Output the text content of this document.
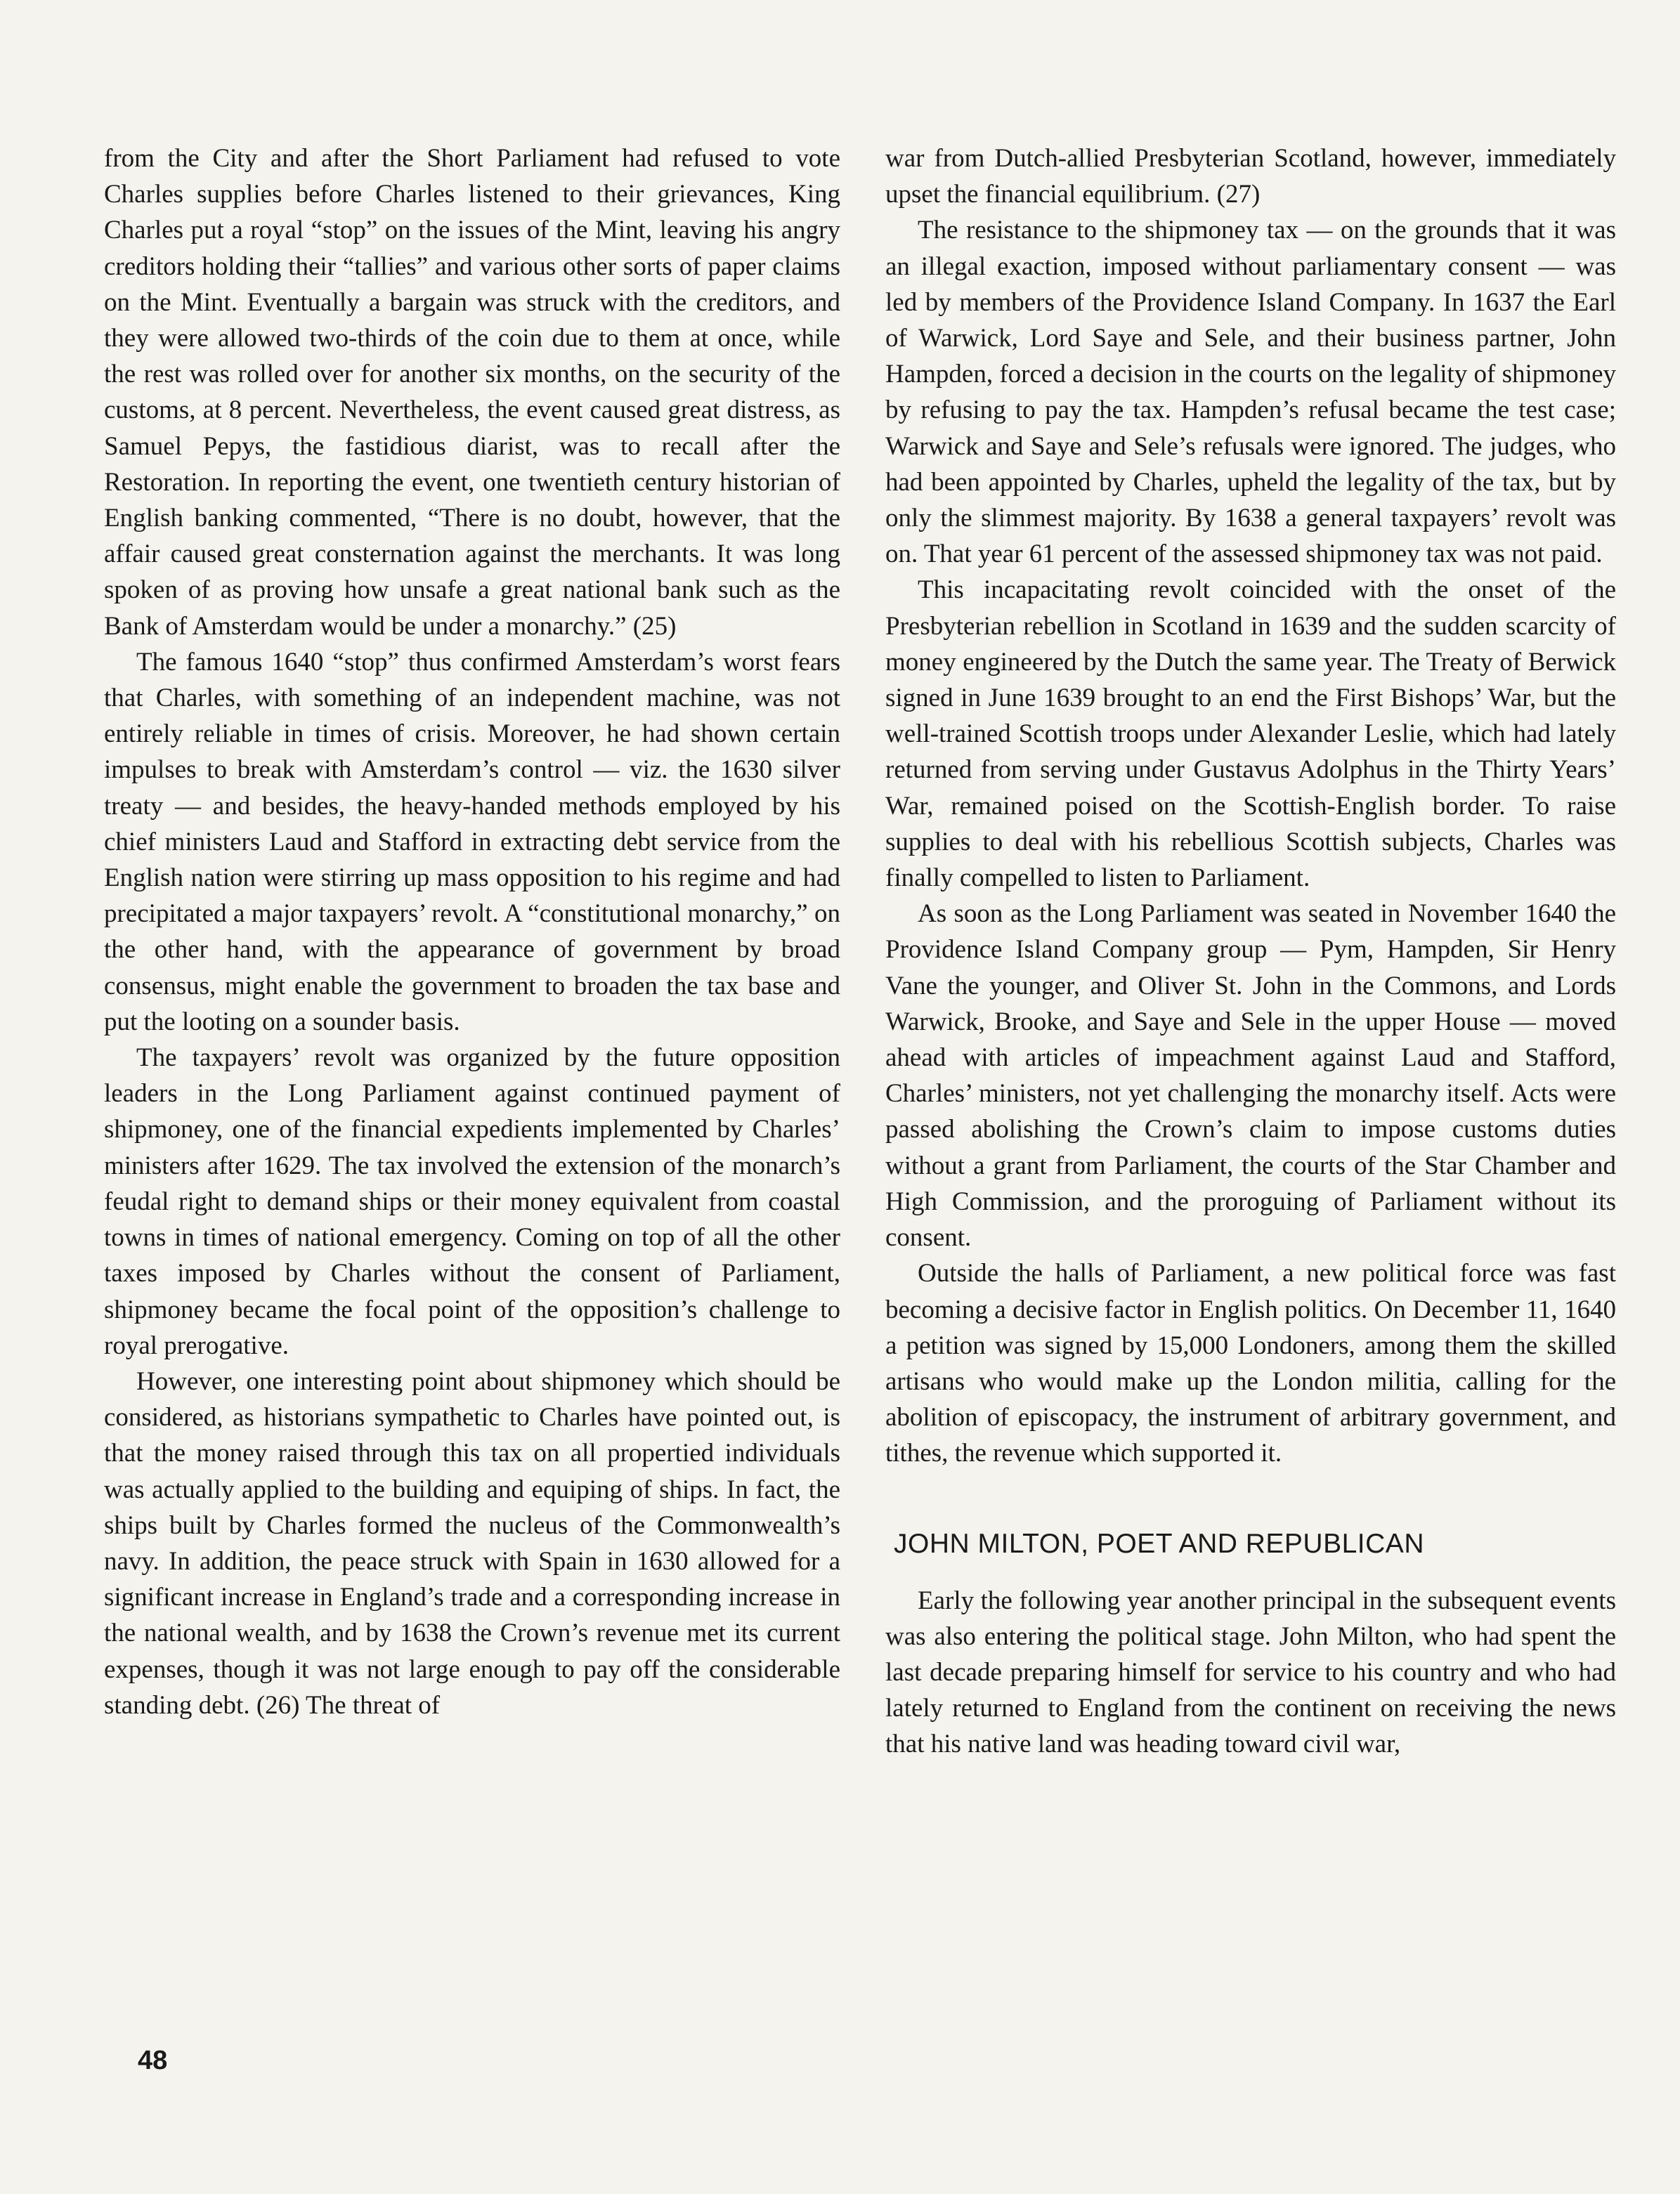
from the City and after the Short Parliament had refused to vote Charles supplies before Charles listened to their grievances, King Charles put a royal “stop” on the issues of the Mint, leaving his angry creditors holding their “tallies” and various other sorts of paper claims on the Mint. Eventually a bargain was struck with the creditors, and they were allowed two-thirds of the coin due to them at once, while the rest was rolled over for another six months, on the security of the customs, at 8 percent. Nevertheless, the event caused great distress, as Samuel Pepys, the fastidious diarist, was to recall after the Restoration. In reporting the event, one twentieth century historian of English banking commented, “There is no doubt, however, that the affair caused great consternation against the merchants. It was long spoken of as proving how unsafe a great national bank such as the Bank of Amsterdam would be under a monarchy.” (25)

The famous 1640 “stop” thus confirmed Amsterdam’s worst fears that Charles, with something of an independent machine, was not entirely reliable in times of crisis. Moreover, he had shown certain impulses to break with Amsterdam’s control — viz. the 1630 silver treaty — and besides, the heavy-handed methods employed by his chief ministers Laud and Stafford in extracting debt service from the English nation were stirring up mass opposition to his regime and had precipitated a major taxpayers’ revolt. A “constitutional monarchy,” on the other hand, with the appearance of government by broad consensus, might enable the government to broaden the tax base and put the looting on a sounder basis.

The taxpayers’ revolt was organized by the future opposition leaders in the Long Parliament against continued payment of shipmoney, one of the financial expedients implemented by Charles’ ministers after 1629. The tax involved the extension of the monarch’s feudal right to demand ships or their money equivalent from coastal towns in times of national emergency. Coming on top of all the other taxes imposed by Charles without the consent of Parliament, shipmoney became the focal point of the opposition’s challenge to royal prerogative.

However, one interesting point about shipmoney which should be considered, as historians sympathetic to Charles have pointed out, is that the money raised through this tax on all propertied individuals was actually applied to the building and equiping of ships. In fact, the ships built by Charles formed the nucleus of the Commonwealth’s navy. In addition, the peace struck with Spain in 1630 allowed for a significant increase in England’s trade and a corresponding increase in the national wealth, and by 1638 the Crown’s revenue met its current expenses, though it was not large enough to pay off the considerable standing debt. (26) The threat of

war from Dutch-allied Presbyterian Scotland, however, immediately upset the financial equilibrium. (27)

The resistance to the shipmoney tax — on the grounds that it was an illegal exaction, imposed without parliamentary consent — was led by members of the Providence Island Company. In 1637 the Earl of Warwick, Lord Saye and Sele, and their business partner, John Hampden, forced a decision in the courts on the legality of shipmoney by refusing to pay the tax. Hampden’s refusal became the test case; Warwick and Saye and Sele’s refusals were ignored. The judges, who had been appointed by Charles, upheld the legality of the tax, but by only the slimmest majority. By 1638 a general taxpayers’ revolt was on. That year 61 percent of the assessed shipmoney tax was not paid.

This incapacitating revolt coincided with the onset of the Presbyterian rebellion in Scotland in 1639 and the sudden scarcity of money engineered by the Dutch the same year. The Treaty of Berwick signed in June 1639 brought to an end the First Bishops’ War, but the well-trained Scottish troops under Alexander Leslie, which had lately returned from serving under Gustavus Adolphus in the Thirty Years’ War, remained poised on the Scottish-English border. To raise supplies to deal with his rebellious Scottish subjects, Charles was finally compelled to listen to Parliament.

As soon as the Long Parliament was seated in November 1640 the Providence Island Company group — Pym, Hampden, Sir Henry Vane the younger, and Oliver St. John in the Commons, and Lords Warwick, Brooke, and Saye and Sele in the upper House — moved ahead with articles of impeachment against Laud and Stafford, Charles’ ministers, not yet challenging the monarchy itself. Acts were passed abolishing the Crown’s claim to impose customs duties without a grant from Parliament, the courts of the Star Chamber and High Commission, and the proroguing of Parliament without its consent.

Outside the halls of Parliament, a new political force was fast becoming a decisive factor in English politics. On December 11, 1640 a petition was signed by 15,000 Londoners, among them the skilled artisans who would make up the London militia, calling for the abolition of episcopacy, the instrument of arbitrary government, and tithes, the revenue which supported it.

JOHN MILTON, POET AND REPUBLICAN

Early the following year another principal in the subsequent events was also entering the political stage. John Milton, who had spent the last decade preparing himself for service to his country and who had lately returned to England from the continent on receiving the news that his native land was heading toward civil war,

48
